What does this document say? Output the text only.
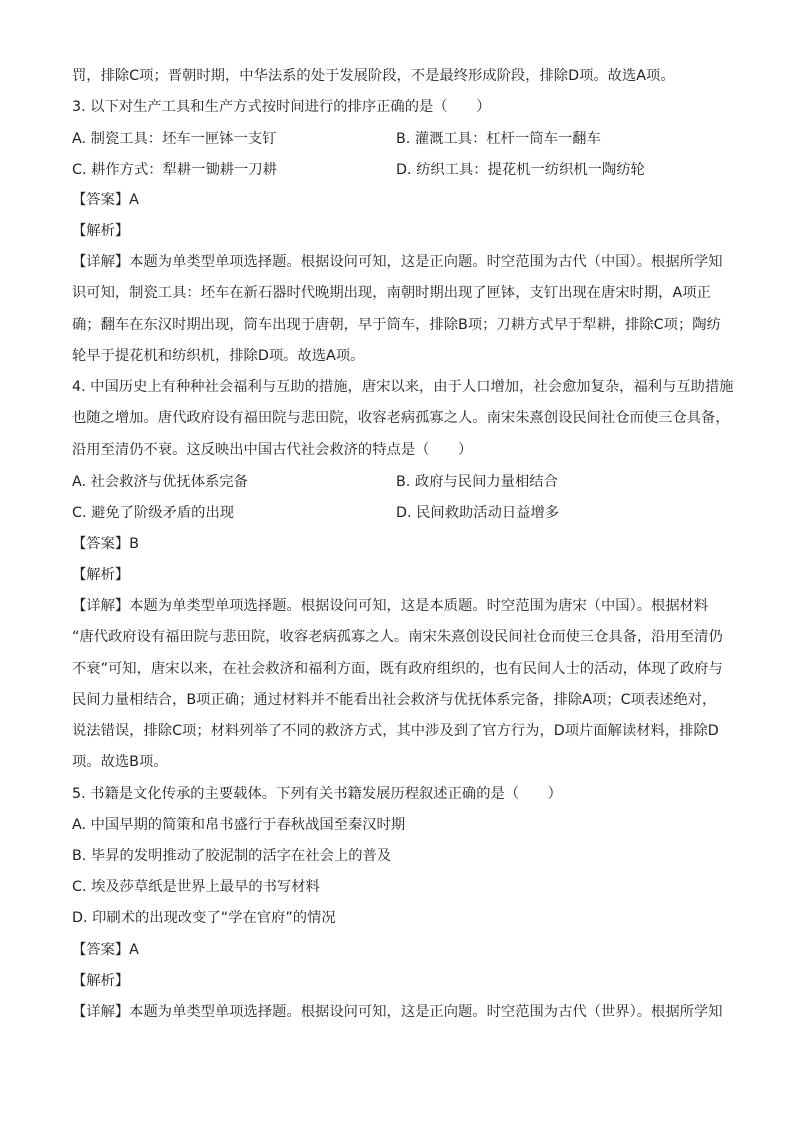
罚，排除C项；晋朝时期，中华法系的处于发展阶段，不是最终形成阶段，排除D项。故选A项。
3. 以下对生产工具和生产方式按时间进行的排序正确的是（　　）
A. 制瓷工具：坯车一匣钵一支钉	B. 灌溉工具：杠杆一筒车一翻车
C. 耕作方式：犁耕一锄耕一刀耕	D. 纺织工具：提花机一纺织机一陶纺轮
【答案】A
【解析】
【详解】本题为单类型单项选择题。根据设问可知，这是正向题。时空范围为古代（中国）。根据所学知
识可知，制瓷工具：坯车在新石器时代晚期出现，南朝时期出现了匣钵，支钉出现在唐宋时期，A项正
确；翻车在东汉时期出现，筒车出现于唐朝，早于筒车，排除B项；刀耕方式早于犁耕，排除C项；陶纺
轮早于提花机和纺织机，排除D项。故选A项。
4. 中国历史上有种种社会福利与互助的措施，唐宋以来，由于人口增加，社会愈加复杂，福利与互助措施
也随之增加。唐代政府设有福田院与悲田院，收容老病孤寡之人。南宋朱熹创设民间社仓而使三仓具备，
沿用至清仍不衰。这反映出中国古代社会救济的特点是（　　）
A. 社会救济与优抚体系完备	B. 政府与民间力量相结合
C. 避免了阶级矛盾的出现	D. 民间救助活动日益增多
【答案】B
【解析】
【详解】本题为单类型单项选择题。根据设问可知，这是本质题。时空范围为唐宋（中国）。根据材料
“唐代政府设有福田院与悲田院，收容老病孤寡之人。南宋朱熹创设民间社仓而使三仓具备，沿用至清仍
不衰”可知，唐宋以来，在社会救济和福利方面，既有政府组织的，也有民间人士的活动，体现了政府与
民间力量相结合，B项正确；通过材料并不能看出社会救济与优抚体系完备，排除A项；C项表述绝对，
说法错误，排除C项；材料列举了不同的救济方式，其中涉及到了官方行为，D项片面解读材料，排除D
项。故选B项。
5. 书籍是文化传承的主要载体。下列有关书籍发展历程叙述正确的是（　　）
A. 中国早期的简策和帛书盛行于春秋战国至秦汉时期
B. 毕昇的发明推动了胶泥制的活字在社会上的普及
C. 埃及莎草纸是世界上最早的书写材料
D. 印刷术的出现改变了“学在官府”的情况
【答案】A
【解析】
【详解】本题为单类型单项选择题。根据设问可知，这是正向题。时空范围为古代（世界）。根据所学知
